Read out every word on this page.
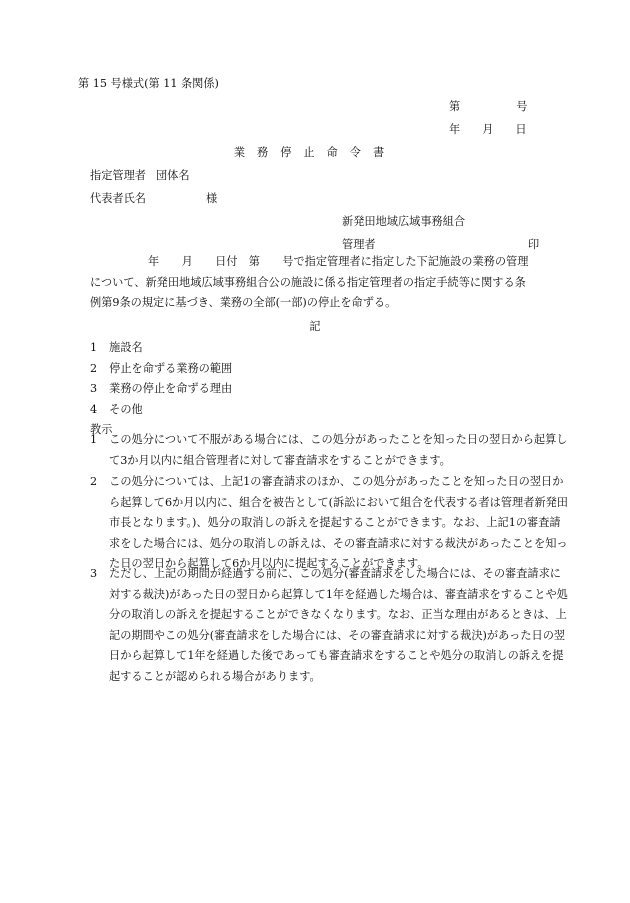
第 15 号様式(第 11 条関係)
第	号
年 月 日
業務停止命令書
指定管理者 団体名
代表者氏名	様
新発田地域広域事務組合
管理者	印
年　　月　　日付　第　　号で指定管理者に指定した下記施設の業務の管理
について、新発田地域広域事務組合公の施設に係る指定管理者の指定手続等に関する条
例第9条の規定に基づき、業務の全部(一部)の停止を命ずる。
記
1 施設名
2 停止を命ずる業務の範囲
3 業務の停止を命ずる理由
4 その他
教示
1 この処分について不服がある場合には、この処分があったことを知った日の翌日から起算して3か月以内に組合管理者に対して審査請求をすることができます。
2 この処分については、上記1の審査請求のほか、この処分があったことを知った日の翌日から起算して6か月以内に、組合を被告として(訴訟において組合を代表する者は管理者新発田市長となります。)、処分の取消しの訴えを提起することができます。なお、上記1の審査請求をした場合には、処分の取消しの訴えは、その審査請求に対する裁決があったことを知った日の翌日から起算して6か月以内に提起することができます。
3 ただし、上記の期間が経過する前に、この処分(審査請求をした場合には、その審査請求に対する裁決)があった日の翌日から起算して1年を経過した場合は、審査請求をすることや処分の取消しの訴えを提起することができなくなります。なお、正当な理由があるときは、上記の期間やこの処分(審査請求をした場合には、その審査請求に対する裁決)があった日の翌日から起算して1年を経過した後であっても審査請求をすることや処分の取消しの訴えを提起することが認められる場合があります。
